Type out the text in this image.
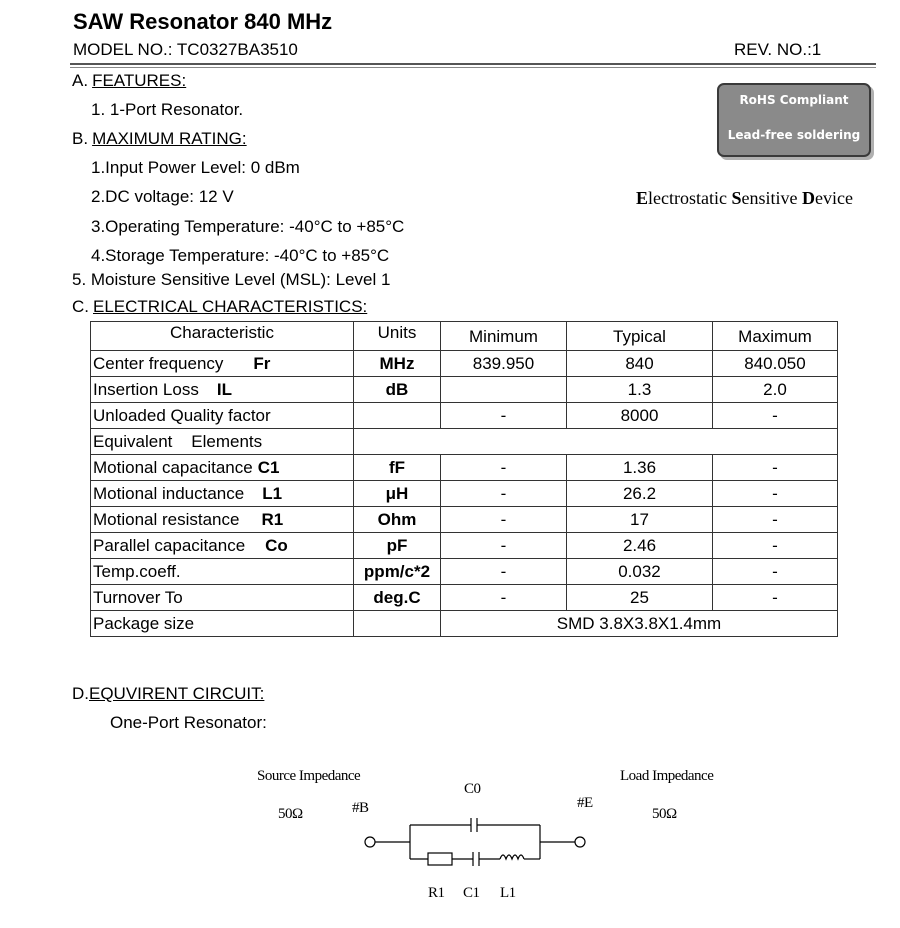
SAW Resonator 840 MHz
MODEL NO.: TC0327BA3510	REV. NO.:1
A. FEATURES:
1. 1-Port Resonator.
B. MAXIMUM RATING:
1.Input Power Level: 0 dBm
2.DC voltage: 12 V
3.Operating Temperature: -40°C to +85°C
4.Storage Temperature: -40°C to +85°C
5. Moisture Sensitive Level (MSL): Level 1
RoHS Compliant
Lead-free soldering
Electrostatic Sensitive Device
C. ELECTRICAL CHARACTERISTICS:
Characteristic	Units	Minimum	Typical	Maximum
Center frequency Fr	MHz	839.950	840	840.050
Insertion Loss IL	dB		1.3	2.0
Unloaded Quality factor		-	8000	-
Equivalent    Elements				
Motional capacitance C1	fF	-	1.36	-
Motional inductance L1	μH	-	26.2	-
Motional resistance R1	Ohm	-	17	-
Parallel capacitance Co	pF	-	2.46	-
Temp.coeff.	ppm/c*2	-	0.032	-
Turnover To	deg.C	-	25	-
Package size		SMD 3.8X3.8X1.4mm		
D.EQUVIRENT CIRCUIT:
One-Port Resonator:
Source Impedance	Load Impedance
50Ω	50Ω
#B	#E
C0
R1 C1 L1
